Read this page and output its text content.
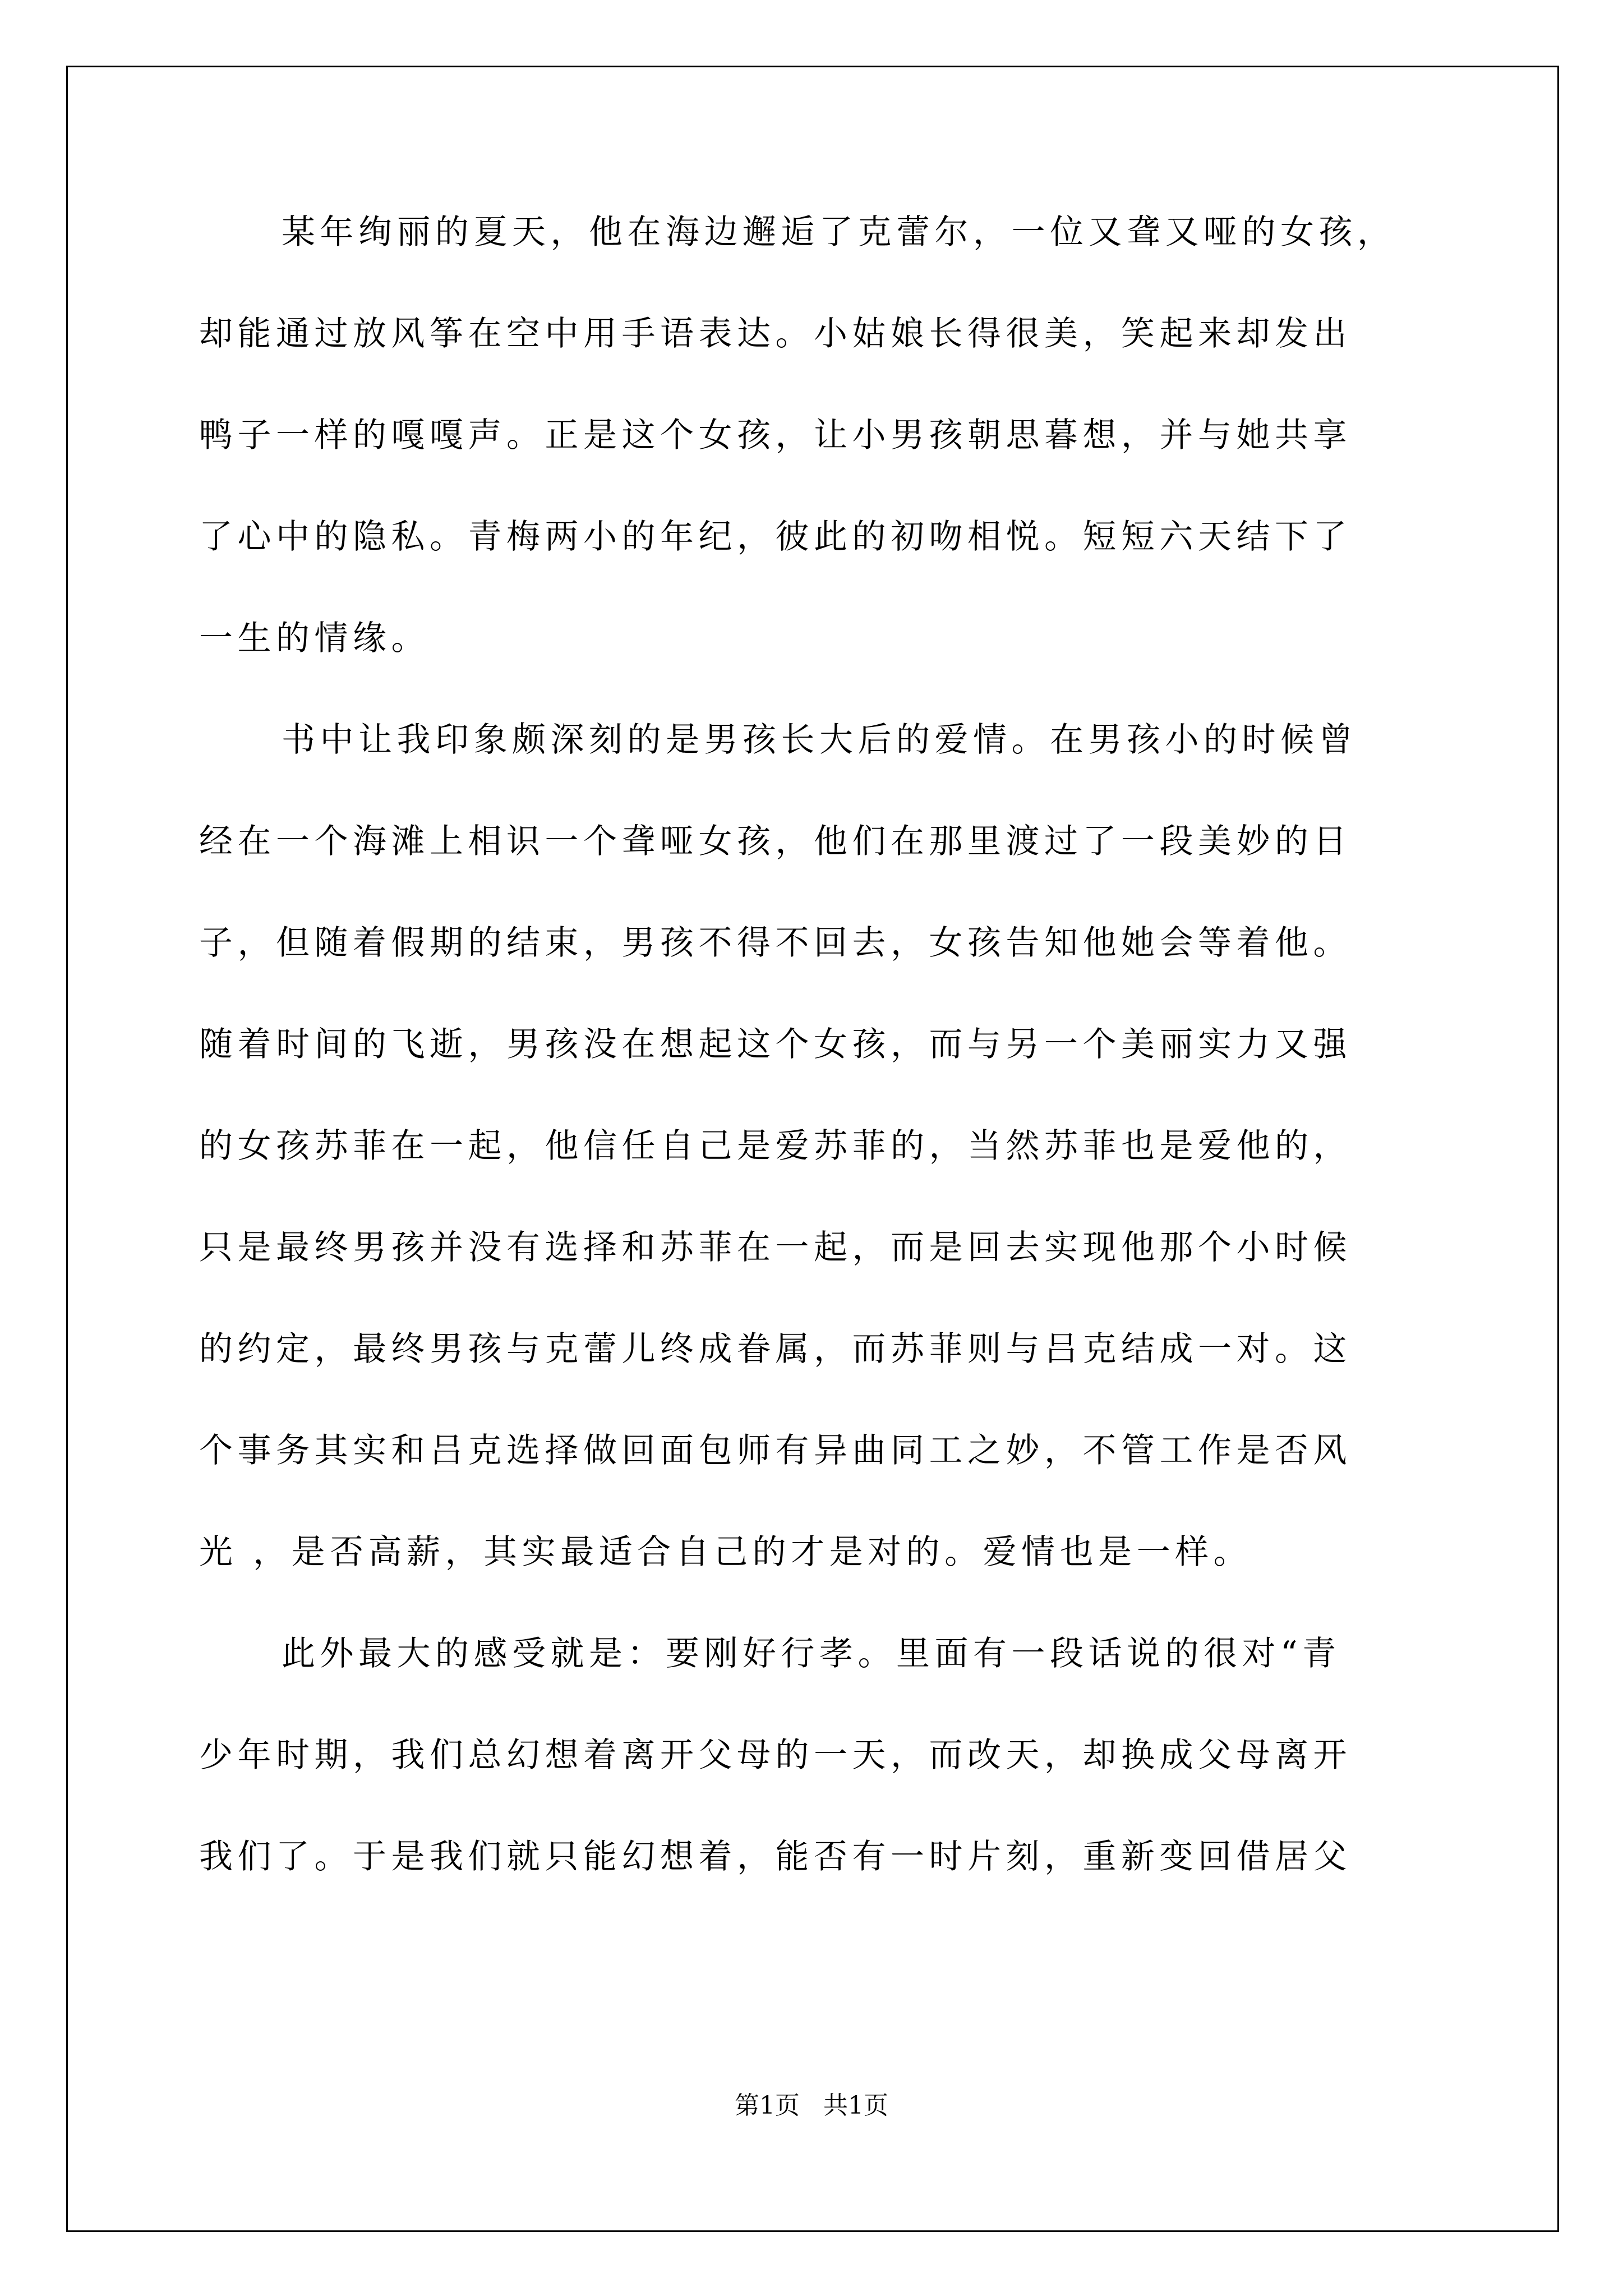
某年绚丽的夏天，他在海边邂逅了克蕾尔，一位又聋又哑的女孩，
却能通过放风筝在空中用手语表达。小姑娘长得很美，笑起来却发出
鸭子一样的嘎嘎声。正是这个女孩，让小男孩朝思暮想，并与她共享
了心中的隐私。青梅两小的年纪，彼此的初吻相悦。短短六天结下了
一生的情缘。
书中让我印象颇深刻的是男孩长大后的爱情。在男孩小的时候曾
经在一个海滩上相识一个聋哑女孩，他们在那里渡过了一段美妙的日
子，但随着假期的结束，男孩不得不回去，女孩告知他她会等着他。
随着时间的飞逝，男孩没在想起这个女孩，而与另一个美丽实力又强
的女孩苏菲在一起，他信任自己是爱苏菲的，当然苏菲也是爱他的，
只是最终男孩并没有选择和苏菲在一起，而是回去实现他那个小时候
的约定，最终男孩与克蕾儿终成眷属，而苏菲则与吕克结成一对。这
个事务其实和吕克选择做回面包师有异曲同工之妙，不管工作是否风
光 ，是否高薪，其实最适合自己的才是对的。爱情也是一样。
此外最大的感受就是：要刚好行孝。里面有一段话说的很对“青
少年时期，我们总幻想着离开父母的一天，而改天，却换成父母离开
我们了。于是我们就只能幻想着，能否有一时片刻，重新变回借居父
第1页   共1页
